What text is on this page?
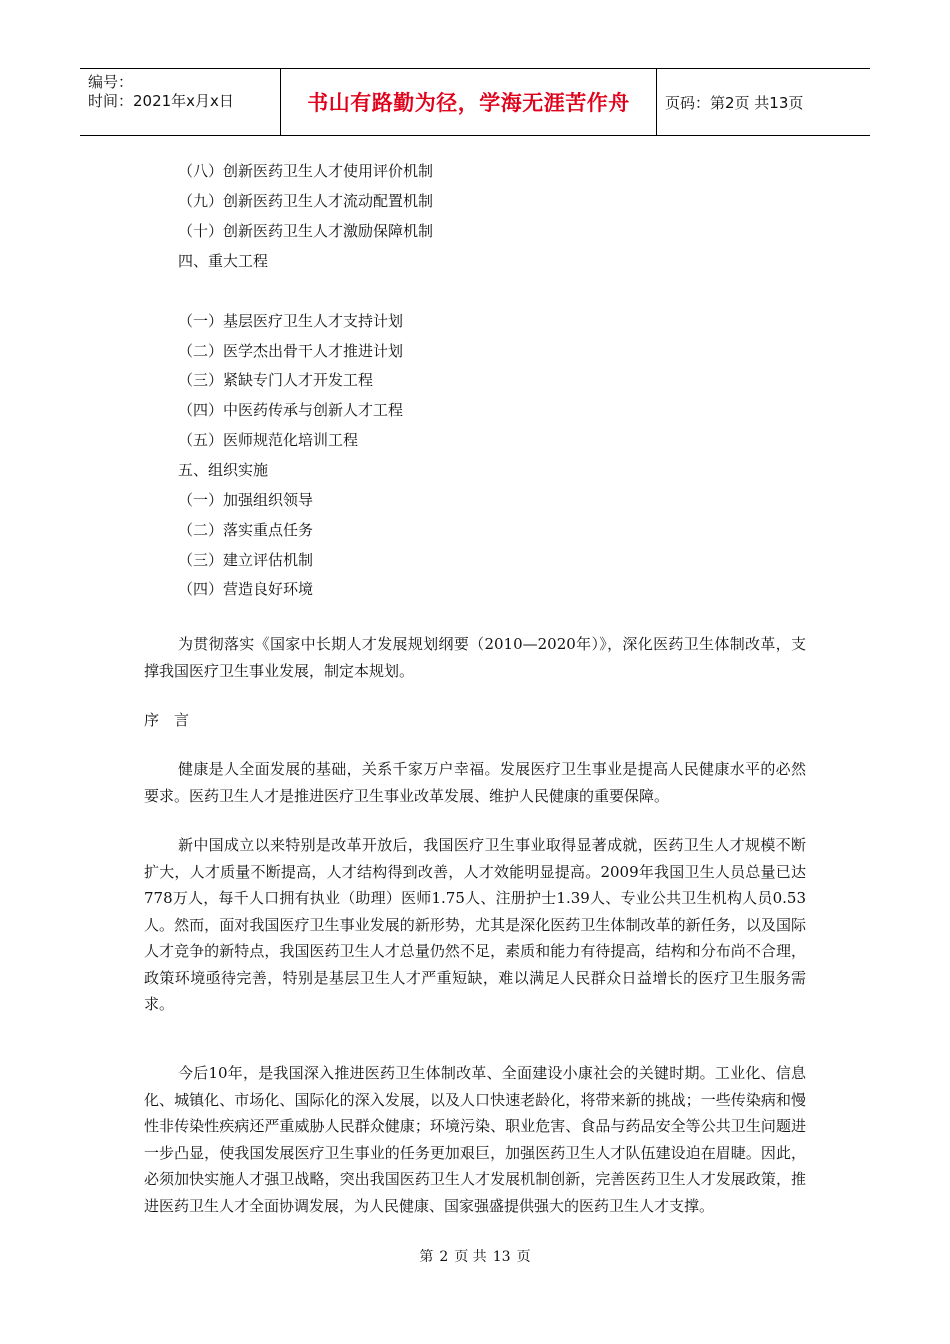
编号：
时间：2021年x月x日	书山有路勤为径，学海无涯苦作舟	页码：第2页 共13页
（八）创新医药卫生人才使用评价机制
（九）创新医药卫生人才流动配置机制
（十）创新医药卫生人才激励保障机制
四、重大工程
（一）基层医疗卫生人才支持计划
（二）医学杰出骨干人才推进计划
（三）紧缺专门人才开发工程
（四）中医药传承与创新人才工程
（五）医师规范化培训工程
五、组织实施
（一）加强组织领导
（二）落实重点任务
（三）建立评估机制
（四）营造良好环境

为贯彻落实《国家中长期人才发展规划纲要（2010—2020年）》，深化医药卫生体制改革，支撑我国医疗卫生事业发展，制定本规划。

序　言

健康是人全面发展的基础，关系千家万户幸福。发展医疗卫生事业是提高人民健康水平的必然要求。医药卫生人才是推进医疗卫生事业改革发展、维护人民健康的重要保障。

新中国成立以来特别是改革开放后，我国医疗卫生事业取得显著成就，医药卫生人才规模不断扩大，人才质量不断提高，人才结构得到改善，人才效能明显提高。2009年我国卫生人员总量已达778万人，每千人口拥有执业（助理）医师1.75人、注册护士1.39人、专业公共卫生机构人员0.53人。然而，面对我国医疗卫生事业发展的新形势，尤其是深化医药卫生体制改革的新任务，以及国际人才竞争的新特点，我国医药卫生人才总量仍然不足，素质和能力有待提高，结构和分布尚不合理，政策环境亟待完善，特别是基层卫生人才严重短缺，难以满足人民群众日益增长的医疗卫生服务需求。

今后10年，是我国深入推进医药卫生体制改革、全面建设小康社会的关键时期。工业化、信息化、城镇化、市场化、国际化的深入发展，以及人口快速老龄化，将带来新的挑战；一些传染病和慢性非传染性疾病还严重威胁人民群众健康；环境污染、职业危害、食品与药品安全等公共卫生问题进一步凸显，使我国发展医疗卫生事业的任务更加艰巨，加强医药卫生人才队伍建设迫在眉睫。因此，必须加快实施人才强卫战略，突出我国医药卫生人才发展机制创新，完善医药卫生人才发展政策，推进医药卫生人才全面协调发展，为人民健康、国家强盛提供强大的医药卫生人才支撑。

第 2 页 共 13 页
